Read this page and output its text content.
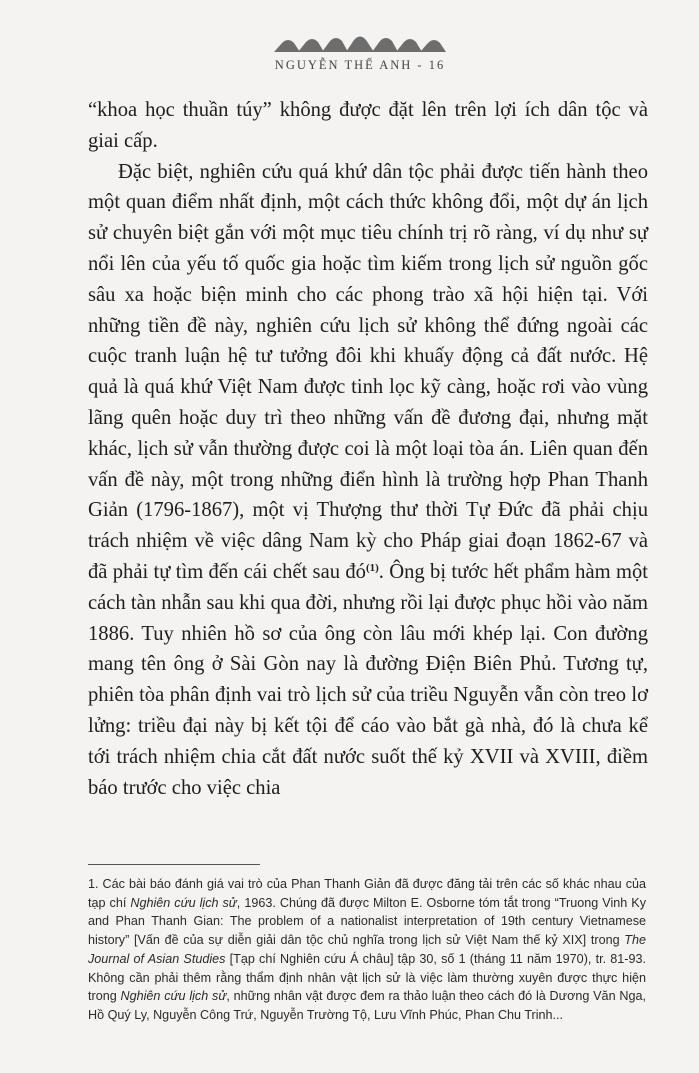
NGUYỄN THẾ ANH - 16

“khoa học thuần túy” không được đặt lên trên lợi ích dân tộc và giai cấp.

Đặc biệt, nghiên cứu quá khứ dân tộc phải được tiến hành theo một quan điểm nhất định, một cách thức không đổi, một dự án lịch sử chuyên biệt gắn với một mục tiêu chính trị rõ ràng, ví dụ như sự nổi lên của yếu tố quốc gia hoặc tìm kiếm trong lịch sử nguồn gốc sâu xa hoặc biện minh cho các phong trào xã hội hiện tại. Với những tiền đề này, nghiên cứu lịch sử không thể đứng ngoài các cuộc tranh luận hệ tư tưởng đôi khi khuấy động cả đất nước. Hệ quả là quá khứ Việt Nam được tinh lọc kỹ càng, hoặc rơi vào vùng lãng quên hoặc duy trì theo những vấn đề đương đại, nhưng mặt khác, lịch sử vẫn thường được coi là một loại tòa án. Liên quan đến vấn đề này, một trong những điển hình là trường hợp Phan Thanh Giản (1796-1867), một vị Thượng thư thời Tự Đức đã phải chịu trách nhiệm về việc dâng Nam kỳ cho Pháp giai đoạn 1862-67 và đã phải tự tìm đến cái chết sau $đó^{(1)}$. Ông bị tước hết phẩm hàm một cách tàn nhẫn sau khi qua đời, nhưng rồi lại được phục hồi vào năm 1886. Tuy nhiên hồ sơ của ông còn lâu mới khép lại. Con đường mang tên ông ở Sài Gòn nay là đường Điện Biên Phủ. Tương tự, phiên tòa phân định vai trò lịch sử của triều Nguyễn vẫn còn treo lơ lửng: triều đại này bị kết tội để cáo vào bắt gà nhà, đó là chưa kể tới trách nhiệm chia cắt đất nước suốt thế kỷ XVII và XVIII, điềm báo trước cho việc chia

1. Các bài báo đánh giá vai trò của Phan Thanh Giản đã được đăng tải trên các số khác nhau của tạp chí Nghiên cứu lịch sử, 1963. Chúng đã được Milton E. Osborne tóm tắt trong “Truong Vinh Ky and Phan Thanh Gian: The problem of a nationalist interpretation of 19th century Vietnamese history” [Vấn đề của sự diễn giải dân tộc chủ nghĩa trong lịch sử Việt Nam thế kỷ XIX] trong The Journal of Asian Studies [Tạp chí Nghiên cứu Á châu] tập 30, số 1 (tháng 11 năm 1970), tr. 81-93. Không cần phải thêm rằng thẩm định nhân vật lịch sử là việc làm thường xuyên được thực hiện trong Nghiên cứu lịch sử, những nhân vật được đem ra thảo luận theo cách đó là Dương Văn Nga, Hồ Quý Ly, Nguyễn Công Trứ, Nguyễn Trường Tộ, Lưu Vĩnh Phúc, Phan Chu Trinh...
